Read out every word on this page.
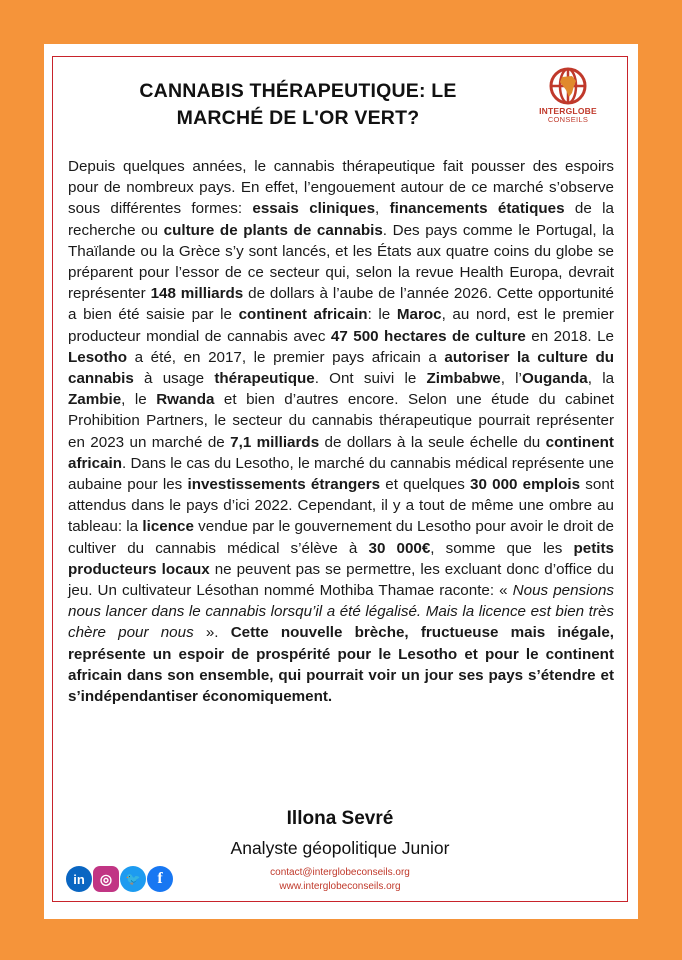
CANNABIS THÉRAPEUTIQUE: LE
MARCHÉ DE L'OR VERT?	INTERGLOBE
CONSEILS

Depuis quelques années, le cannabis thérapeutique fait pousser des espoirs pour de nombreux pays. En effet, l’engouement autour de ce marché s’observe sous différentes formes: essais cliniques, financements étatiques de la recherche ou culture de plants de cannabis. Des pays comme le Portugal, la Thaïlande ou la Grèce s’y sont lancés, et les États aux quatre coins du globe se préparent pour l’essor de ce secteur qui, selon la revue Health Europa, devrait représenter 148 milliards de dollars à l’aube de l’année 2026. Cette opportunité a bien été saisie par le continent africain: le Maroc, au nord, est le premier producteur mondial de cannabis avec 47 500 hectares de culture en 2018. Le Lesotho a été, en 2017, le premier pays africain a autoriser la culture du cannabis à usage thérapeutique. Ont suivi le Zimbabwe, l’Ouganda, la Zambie, le Rwanda et bien d’autres encore. Selon une étude du cabinet Prohibition Partners, le secteur du cannabis thérapeutique pourrait représenter en 2023 un marché de 7,1 milliards de dollars à la seule échelle du continent africain. Dans le cas du Lesotho, le marché du cannabis médical représente une aubaine pour les investissements étrangers et quelques 30 000 emplois sont attendus dans le pays d’ici 2022. Cependant, il y a tout de même une ombre au tableau: la licence vendue par le gouvernement du Lesotho pour avoir le droit de cultiver du cannabis médical s’élève à 30 000€, somme que les petits producteurs locaux ne peuvent pas se permettre, les excluant donc d’office du jeu. Un cultivateur Lésothan nommé Mothiba Thamae raconte: « Nous pensions nous lancer dans le cannabis lorsqu’il a été légalisé. Mais la licence est bien très chère pour nous ». Cette nouvelle brèche, fructueuse mais inégale, représente un espoir de prospérité pour le Lesotho et pour le continent africain dans son ensemble, qui pourrait voir un jour ses pays s’étendre et s’indépendantiser économiquement.

Illona Sevré
Analyste géopolitique Junior
contact@interglobeconseils.org
www.interglobeconseils.org
in	◎	🐦	f
